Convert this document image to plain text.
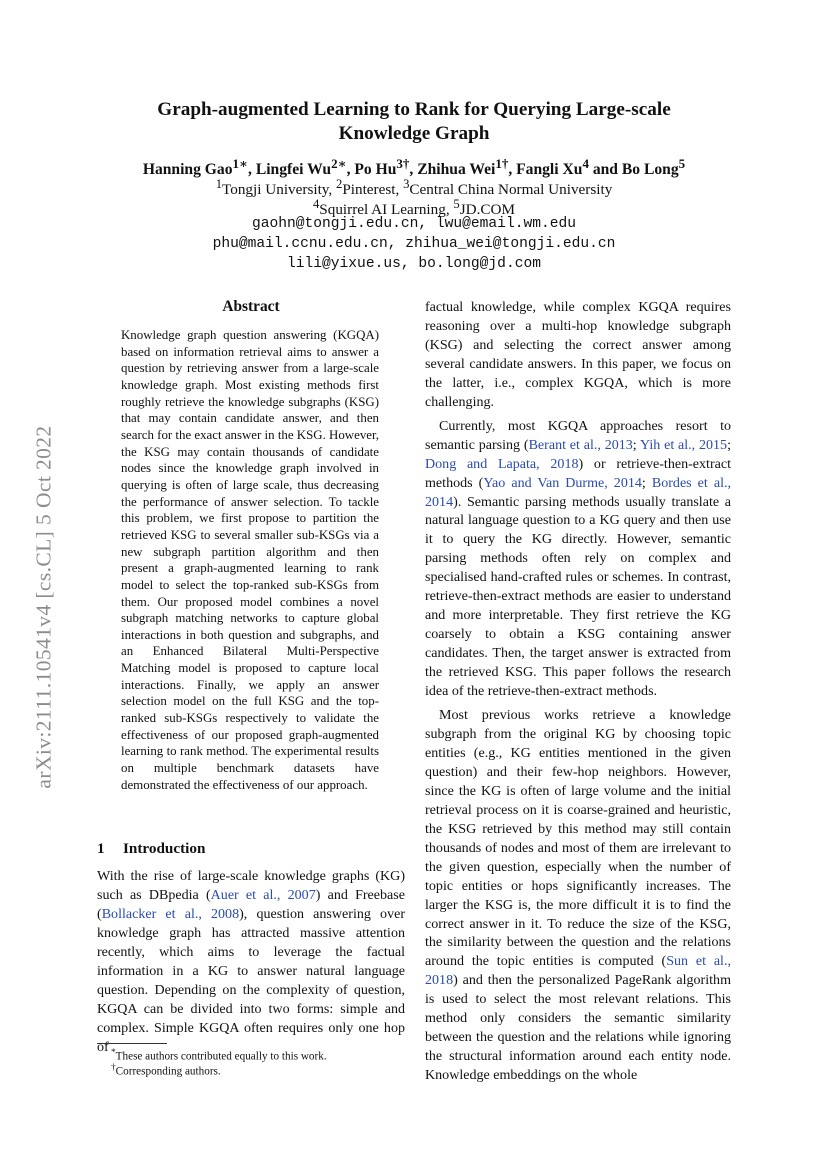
arXiv:2111.10541v4 [cs.CL] 5 Oct 2022
Graph-augmented Learning to Rank for Querying Large-scale
Knowledge Graph
Hanning Gao$^{1∗}$, Lingfei $Wu^{2∗}$, Po $Hu^{3\dagger}$, Zhihua Wei$^{1\dagger}$, Fangli Xu$^4$ and Bo Long$^5$
$^1$Tongji University, $^2$Pinterest, $^3$Central China Normal University
$^4$Squirrel AI Learning, $^5$JD.COM
gaohn@tongji.edu.cn, lwu@email.wm.edu
phu@mail.ccnu.edu.cn, zhihua_wei@tongji.edu.cn
lili@yixue.us, bo.long@jd.com
Abstract
Knowledge graph question answering (KGQA) based on information retrieval aims to answer a question by retrieving answer from a large-scale knowledge graph. Most existing methods first roughly retrieve the knowledge subgraphs (KSG) that may contain candidate answer, and then search for the exact answer in the KSG. However, the KSG may contain thousands of candidate nodes since the knowledge graph involved in querying is often of large scale, thus decreasing the performance of answer selection. To tackle this problem, we first propose to partition the retrieved KSG to several smaller sub-KSGs via a new subgraph partition algorithm and then present a graph-augmented learning to rank model to select the top-ranked sub-KSGs from them. Our proposed model combines a novel subgraph matching networks to capture global interactions in both question and subgraphs, and an Enhanced Bilateral Multi-Perspective Matching model is proposed to capture local interactions. Finally, we apply an answer selection model on the full KSG and the top-ranked sub-KSGs respectively to validate the effectiveness of our proposed graph-augmented learning to rank method. The experimental results on multiple benchmark datasets have demonstrated the effectiveness of our approach.
1 Introduction

With the rise of large-scale knowledge graphs (KG) such as DBpedia (Auer et al., 2007) and Freebase (Bollacker et al., 2008), question answering over knowledge graph has attracted massive attention recently, which aims to leverage the factual information in a KG to answer natural language question. Depending on the complexity of question, KGQA can be divided into two forms: simple and complex. Simple KGQA often requires only one hop of

factual knowledge, while complex KGQA requires reasoning over a multi-hop knowledge subgraph (KSG) and selecting the correct answer among several candidate answers. In this paper, we focus on the latter, i.e., complex KGQA, which is more challenging.

Currently, most KGQA approaches resort to semantic parsing (Berant et al., 2013; Yih et al., 2015; Dong and Lapata, 2018) or retrieve-then-extract methods (Yao and Van Durme, 2014; Bordes et al., 2014). Semantic parsing methods usually translate a natural language question to a KG query and then use it to query the KG directly. However, semantic parsing methods often rely on complex and specialised hand-crafted rules or schemes. In contrast, retrieve-then-extract methods are easier to understand and more interpretable. They first retrieve the KG coarsely to obtain a KSG containing answer candidates. Then, the target answer is extracted from the retrieved KSG. This paper follows the research idea of the retrieve-then-extract methods.

Most previous works retrieve a knowledge subgraph from the original KG by choosing topic entities (e.g., KG entities mentioned in the given question) and their few-hop neighbors. However, since the KG is often of large volume and the initial retrieval process on it is coarse-grained and heuristic, the KSG retrieved by this method may still contain thousands of nodes and most of them are irrelevant to the given question, especially when the number of topic entities or hops significantly increases. The larger the KSG is, the more difficult it is to find the correct answer in it. To reduce the size of the KSG, the similarity between the question and the relations around the topic entities is computed (Sun et al., 2018) and then the personalized PageRank algorithm is used to select the most relevant relations. This method only considers the semantic similarity between the question and the relations while ignoring the structural information around each entity node. Knowledge embeddings on the whole

*These authors contributed equally to this work.
†Corresponding authors.
